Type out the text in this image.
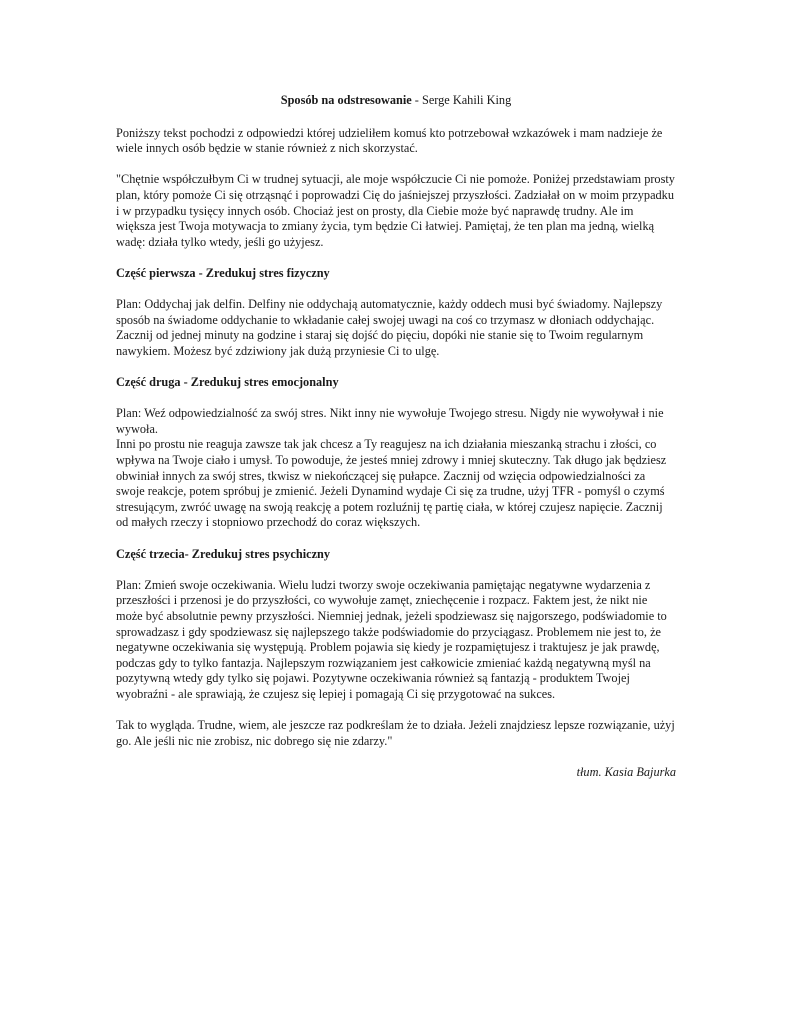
Sposób na odstresowanie - Serge Kahili King

Poniższy tekst pochodzi z odpowiedzi której udzieliłem komuś kto potrzebował wzkazówek i mam nadzieje że wiele innych osób będzie w stanie również z nich skorzystać.

"Chętnie współczułbym Ci w trudnej sytuacji, ale moje współczucie Ci nie pomoże. Poniżej przedstawiam prosty plan, który pomoże Ci się otrząsnąć i poprowadzi Cię do jaśniejszej przyszłości. Zadziałał on w moim przypadku i w przypadku tysięcy innych osób. Chociaż jest on prosty, dla Ciebie może być naprawdę trudny. Ale im większa jest Twoja motywacja to zmiany życia, tym będzie Ci łatwiej. Pamiętaj, że ten plan ma jedną, wielką wadę: działa tylko wtedy, jeśli go użyjesz.

Część pierwsza - Zredukuj stres fizyczny

Plan: Oddychaj jak delfin. Delfiny nie oddychają automatycznie, każdy oddech musi być świadomy. Najlepszy sposób na świadome oddychanie to wkładanie całej swojej uwagi na coś co trzymasz w dłoniach oddychając. Zacznij od jednej minuty na godzine i staraj się dojść do pięciu, dopóki nie stanie się to Twoim regularnym nawykiem. Możesz być zdziwiony jak dużą przyniesie Ci to ulgę.

Część druga - Zredukuj stres emocjonalny

Plan: Weź odpowiedzialność za swój stres. Nikt inny nie wywołuje Twojego stresu. Nigdy nie wywoływał i nie wywoła.

Inni po prostu nie reaguja zawsze tak jak chcesz a Ty reagujesz na ich działania mieszanką strachu i złości, co wpływa na Twoje ciało i umysł. To powoduje, że jesteś mniej zdrowy i mniej skuteczny. Tak długo jak będziesz obwiniał innych za swój stres, tkwisz w niekończącej się pułapce. Zacznij od wzięcia odpowiedzialności za swoje reakcje, potem spróbuj je zmienić. Jeżeli Dynamind wydaje Ci się za trudne, użyj TFR - pomyśl o czymś stresującym, zwróć uwagę na swoją reakcję a potem rozluźnij tę partię ciała, w której czujesz napięcie. Zacznij od małych rzeczy i stopniowo przechodź do coraz większych.

Część trzecia- Zredukuj stres psychiczny

Plan: Zmień swoje oczekiwania. Wielu ludzi tworzy swoje oczekiwania pamiętając negatywne wydarzenia z przeszłości i przenosi je do przyszłości, co wywołuje zamęt, zniechęcenie i rozpacz. Faktem jest, że nikt nie może być absolutnie pewny przyszłości. Niemniej jednak, jeżeli spodziewasz się najgorszego, podświadomie to sprowadzasz i gdy spodziewasz się najlepszego także podświadomie do przyciągasz. Problemem nie jest to, że negatywne oczekiwania się występują. Problem pojawia się kiedy je rozpamiętujesz i traktujesz je jak prawdę, podczas gdy to tylko fantazja. Najlepszym rozwiązaniem jest całkowicie zmieniać każdą negatywną myśl na pozytywną wtedy gdy tylko się pojawi. Pozytywne oczekiwania również są fantazją - produktem Twojej wyobraźni - ale sprawiają, że czujesz się lepiej i pomagają Ci się przygotować na sukces.

Tak to wygląda. Trudne, wiem, ale jeszcze raz podkreślam że to działa. Jeżeli znajdziesz lepsze rozwiązanie, użyj go. Ale jeśli nic nie zrobisz, nic dobrego się nie zdarzy."

tłum. Kasia Bajurka
